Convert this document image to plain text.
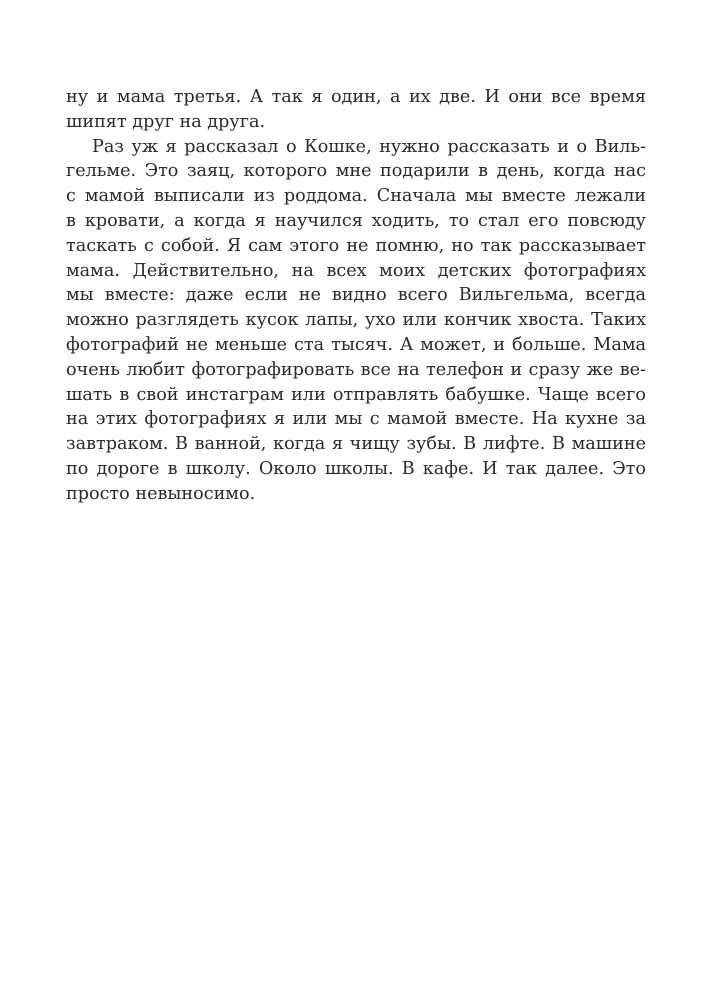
ну и мама третья. А так я один, а их две. И они все время
шипят друг на друга.
Раз уж я рассказал о Кошке, нужно рассказать и о Виль-
гельме. Это заяц, которого мне подарили в день, когда нас
с мамой выписали из роддома. Сначала мы вместе лежали
в кровати, а когда я научился ходить, то стал его повсюду
таскать с собой. Я сам этого не помню, но так рассказывает
мама. Действительно, на всех моих детских фотографиях
мы вместе: даже если не видно всего Вильгельма, всегда
можно разглядеть кусок лапы, ухо или кончик хвоста. Таких
фотографий не меньше ста тысяч. А может, и больше. Мама
очень любит фотографировать все на телефон и сразу же ве-
шать в свой инстаграм или отправлять бабушке. Чаще всего
на этих фотографиях я или мы с мамой вместе. На кухне за
завтраком. В ванной, когда я чищу зубы. В лифте. В машине
по дороге в школу. Около школы. В кафе. И так далее. Это
просто невыносимо.
